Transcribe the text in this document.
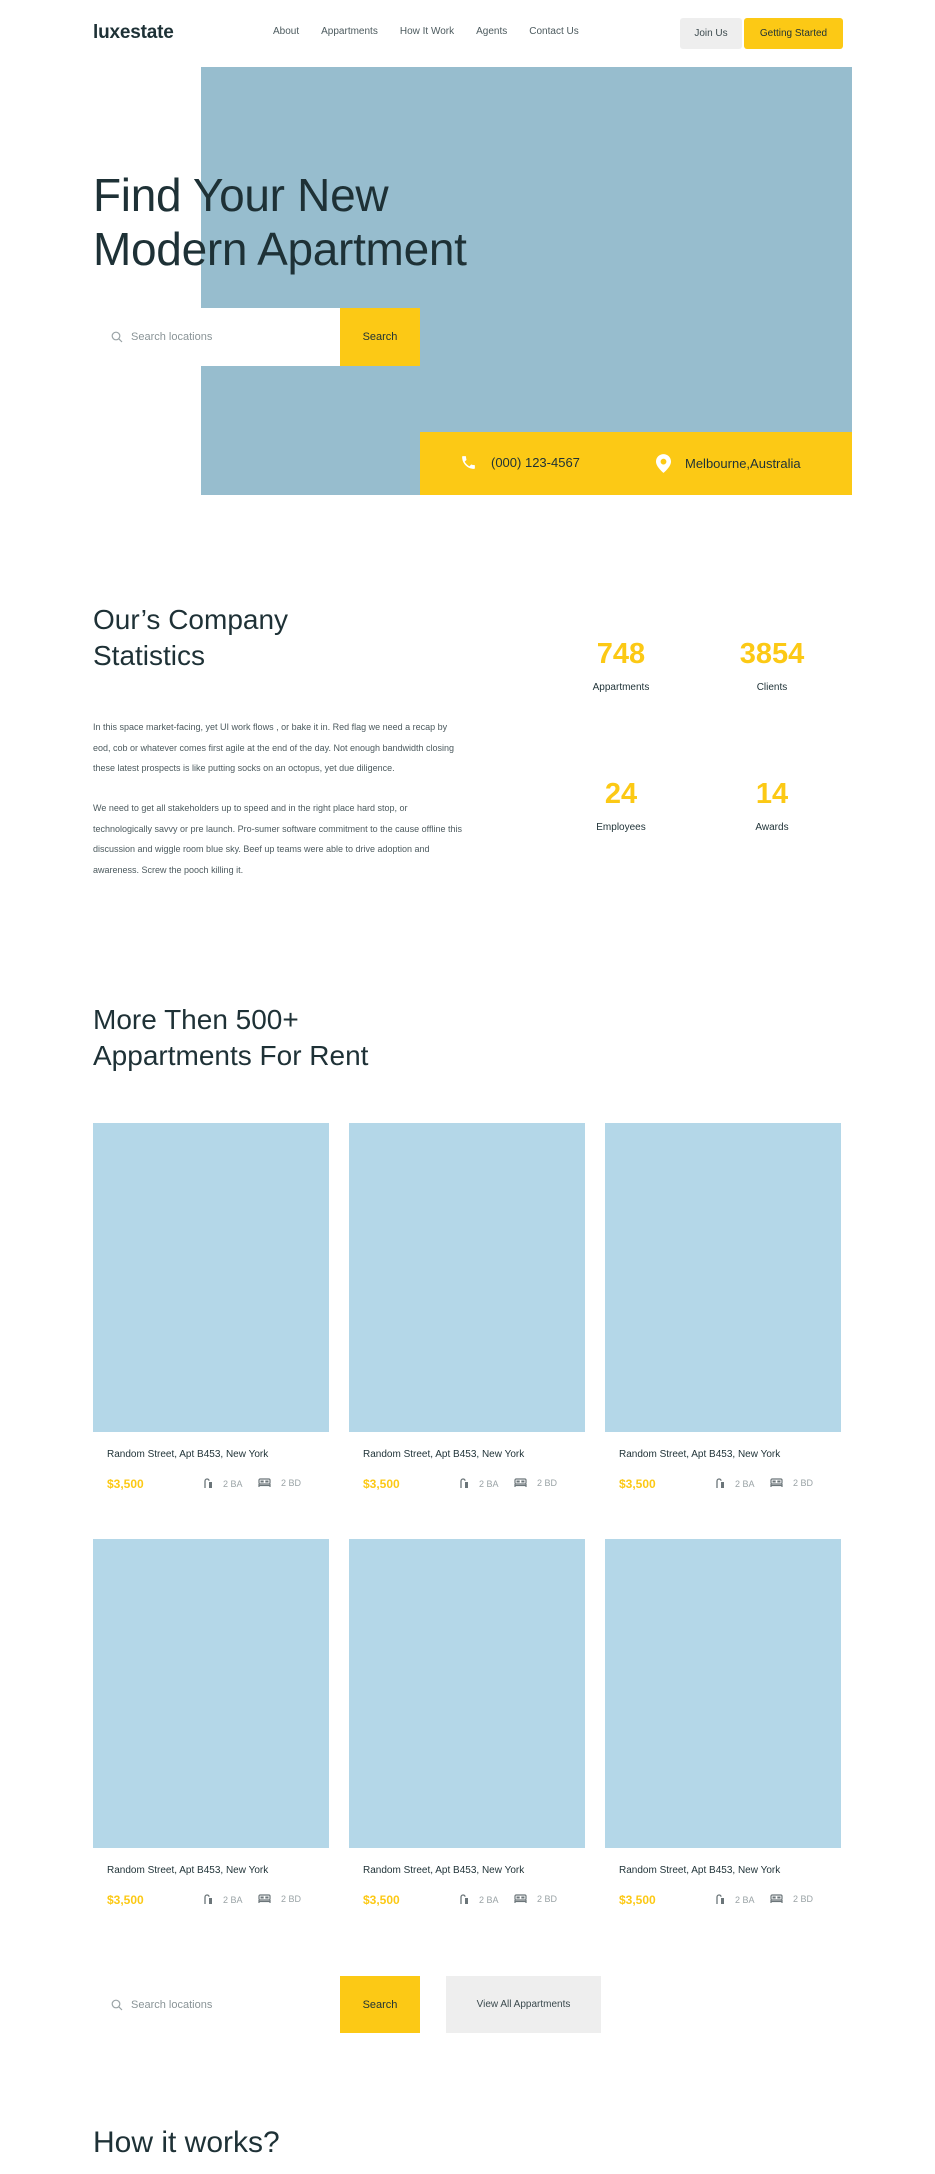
luxestate	About Appartments How It Work Agents Contact Us	Join Us	Getting Started
Find Your New Modern Apartment
Search locations	Search
(000) 123-4567	Melbourne,Australia
Our’s Company Statistics

In this space market-facing, yet UI work flows , or bake it in. Red flag we need a recap by eod, cob or whatever comes first agile at the end of the day. Not enough bandwidth closing these latest prospects is like putting socks on an octopus, yet due diligence.

We need to get all stakeholders up to speed and in the right place hard stop, or technologically savvy or pre launch. Pro-sumer software commitment to the cause offline this discussion and wiggle room blue sky. Beef up teams were able to drive adoption and awareness. Screw the pooch killing it.

748
Appartments
3854
Clients
24
Employees
14
Awards
More Then 500+ Appartments For Rent
Random Street, Apt B453, New York
$3,500	2 BA	2 BD
Random Street, Apt B453, New York
$3,500	2 BA	2 BD
Random Street, Apt B453, New York
$3,500	2 BA	2 BD
Random Street, Apt B453, New York
$3,500	2 BA	2 BD
Random Street, Apt B453, New York
$3,500	2 BA	2 BD
Random Street, Apt B453, New York
$3,500	2 BA	2 BD
Search locations	Search	View All Appartments
How it works?
